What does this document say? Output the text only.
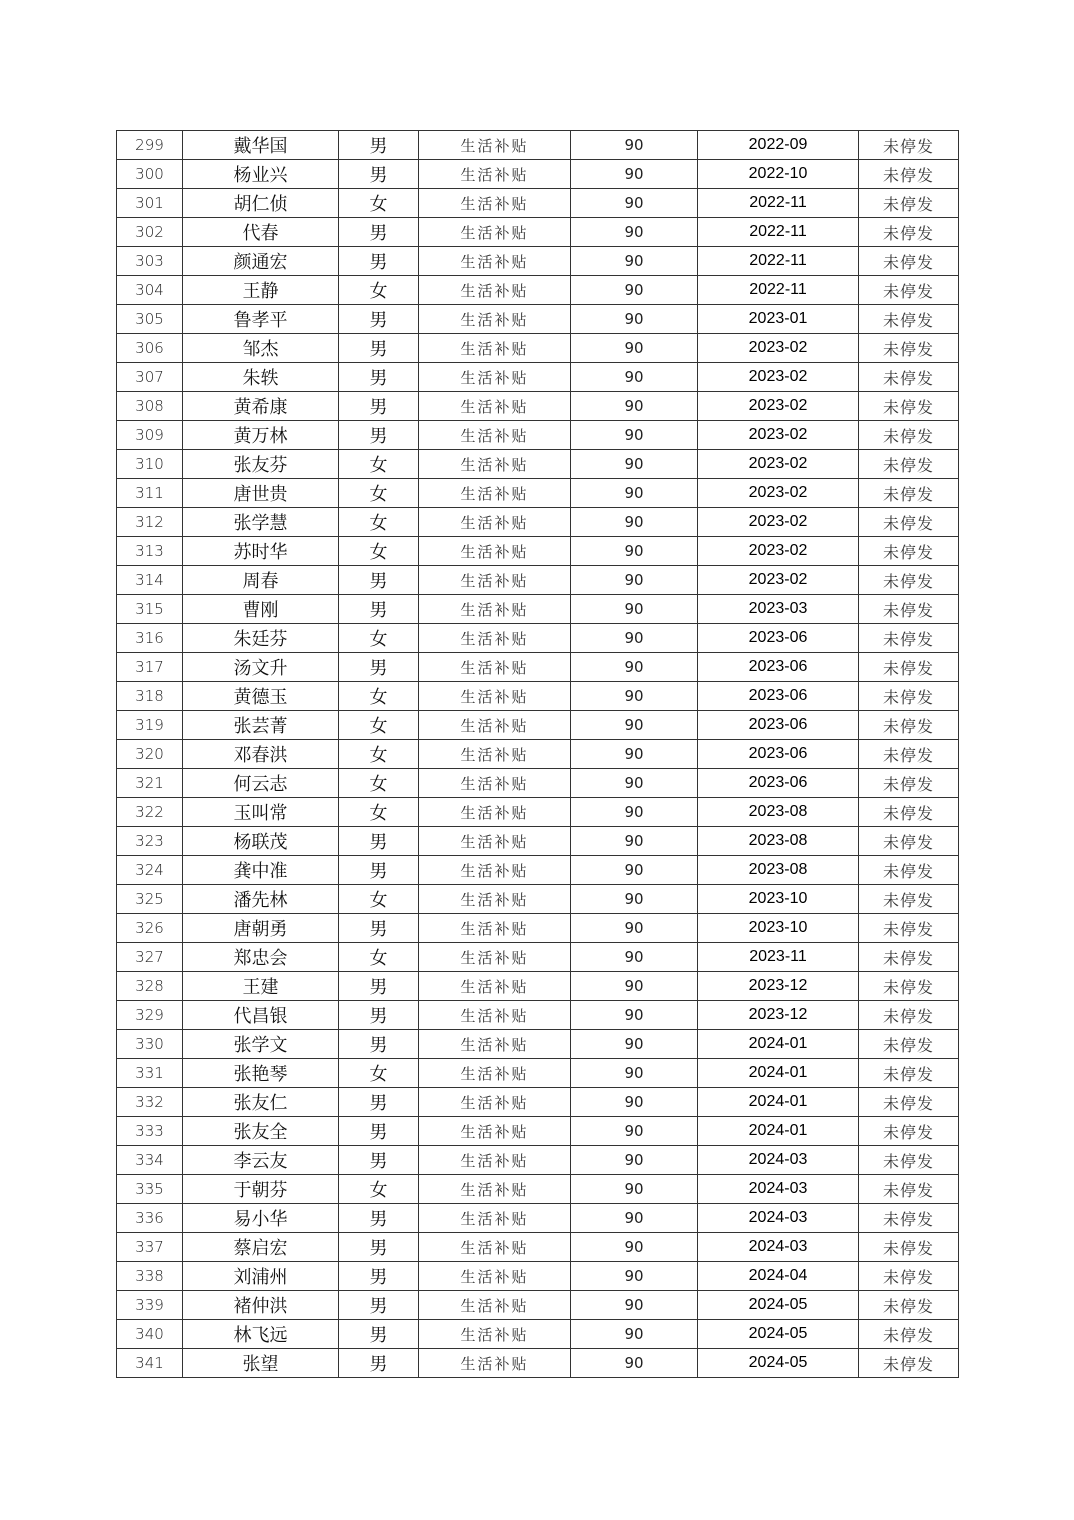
299	戴华国	男	生活补贴	90	2022-09	未停发
300	杨业兴	男	生活补贴	90	2022-10	未停发
301	胡仁侦	女	生活补贴	90	2022-11	未停发
302	代春	男	生活补贴	90	2022-11	未停发
303	颜通宏	男	生活补贴	90	2022-11	未停发
304	王静	女	生活补贴	90	2022-11	未停发
305	鲁孝平	男	生活补贴	90	2023-01	未停发
306	邹杰	男	生活补贴	90	2023-02	未停发
307	朱轶	男	生活补贴	90	2023-02	未停发
308	黄希康	男	生活补贴	90	2023-02	未停发
309	黄万林	男	生活补贴	90	2023-02	未停发
310	张友芬	女	生活补贴	90	2023-02	未停发
311	唐世贵	女	生活补贴	90	2023-02	未停发
312	张学慧	女	生活补贴	90	2023-02	未停发
313	苏时华	女	生活补贴	90	2023-02	未停发
314	周春	男	生活补贴	90	2023-02	未停发
315	曹刚	男	生活补贴	90	2023-03	未停发
316	朱廷芬	女	生活补贴	90	2023-06	未停发
317	汤文升	男	生活补贴	90	2023-06	未停发
318	黄德玉	女	生活补贴	90	2023-06	未停发
319	张芸菁	女	生活补贴	90	2023-06	未停发
320	邓春洪	女	生活补贴	90	2023-06	未停发
321	何云志	女	生活补贴	90	2023-06	未停发
322	玉叫常	女	生活补贴	90	2023-08	未停发
323	杨联茂	男	生活补贴	90	2023-08	未停发
324	龚中准	男	生活补贴	90	2023-08	未停发
325	潘先林	女	生活补贴	90	2023-10	未停发
326	唐朝勇	男	生活补贴	90	2023-10	未停发
327	郑忠会	女	生活补贴	90	2023-11	未停发
328	王建	男	生活补贴	90	2023-12	未停发
329	代昌银	男	生活补贴	90	2023-12	未停发
330	张学文	男	生活补贴	90	2024-01	未停发
331	张艳琴	女	生活补贴	90	2024-01	未停发
332	张友仁	男	生活补贴	90	2024-01	未停发
333	张友全	男	生活补贴	90	2024-01	未停发
334	李云友	男	生活补贴	90	2024-03	未停发
335	于朝芬	女	生活补贴	90	2024-03	未停发
336	易小华	男	生活补贴	90	2024-03	未停发
337	蔡启宏	男	生活补贴	90	2024-03	未停发
338	刘浦州	男	生活补贴	90	2024-04	未停发
339	褚仲洪	男	生活补贴	90	2024-05	未停发
340	林飞远	男	生活补贴	90	2024-05	未停发
341	张望	男	生活补贴	90	2024-05	未停发
